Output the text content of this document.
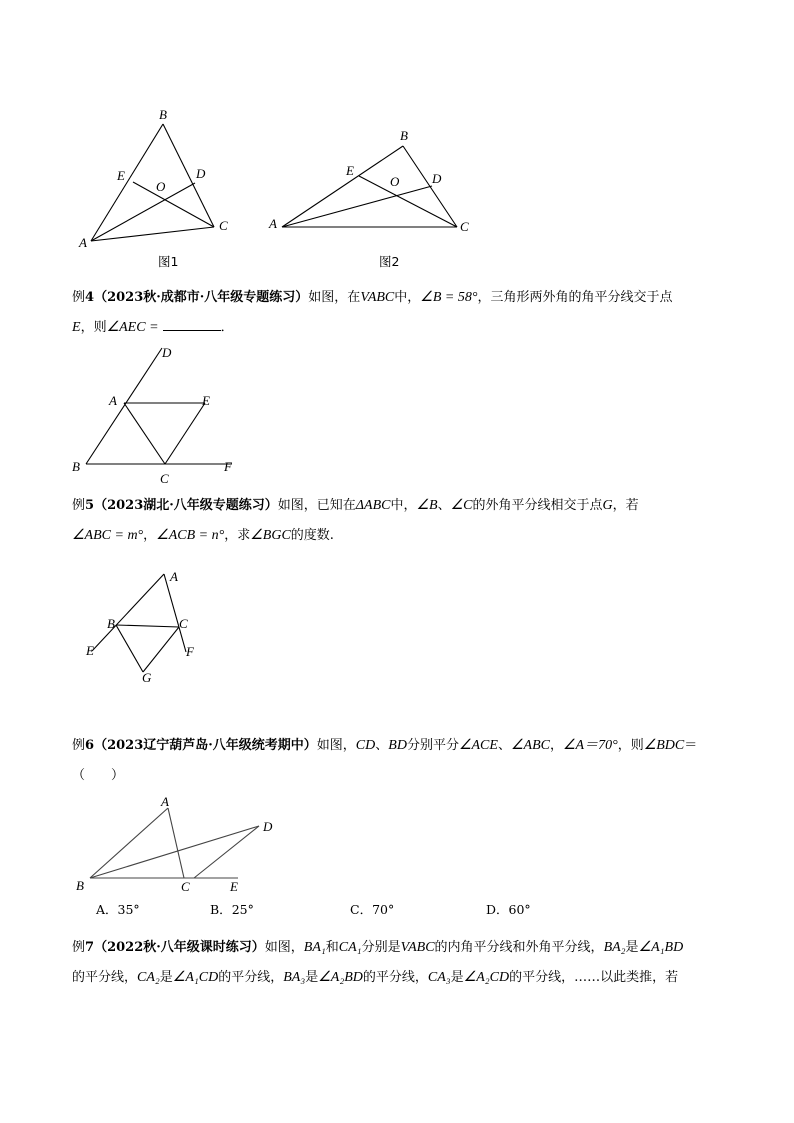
B
E
O
D
C
A
图1
B
E
O	D
C
A
图2
例4（2023秋·成都市·八年级专题练习）如图，在VABC中，∠B = 58°，三角形两外角的角平分线交于点
E，则∠AEC =	．
D
A	E
B
C
F
例5（2023湖北·八年级专题练习）如图，已知在ΔABC中，∠B、∠C的外角平分线相交于点G，若
∠ABC = m°，∠ACB = n°，求∠BGC的度数.
A
B	C
E	F
G
例6（2023辽宁葫芦岛·八年级统考期中）如图，CD、BD分别平分∠ACE、∠ABC，∠A＝70°，则∠BDC＝
（　　）
A
D
B	C	E
A．35°	B．25°	C．70°	D．60°
例7（2022秋·八年级课时练习）如图，BA₁和CA₁分别是VABC的内角平分线和外角平分线，BA₂是∠A₁BD
的平分线，CA₂是∠A₁CD的平分线，BA₃是∠A₂BD的平分线，CA₃是∠A₂CD的平分线，……以此类推，若
